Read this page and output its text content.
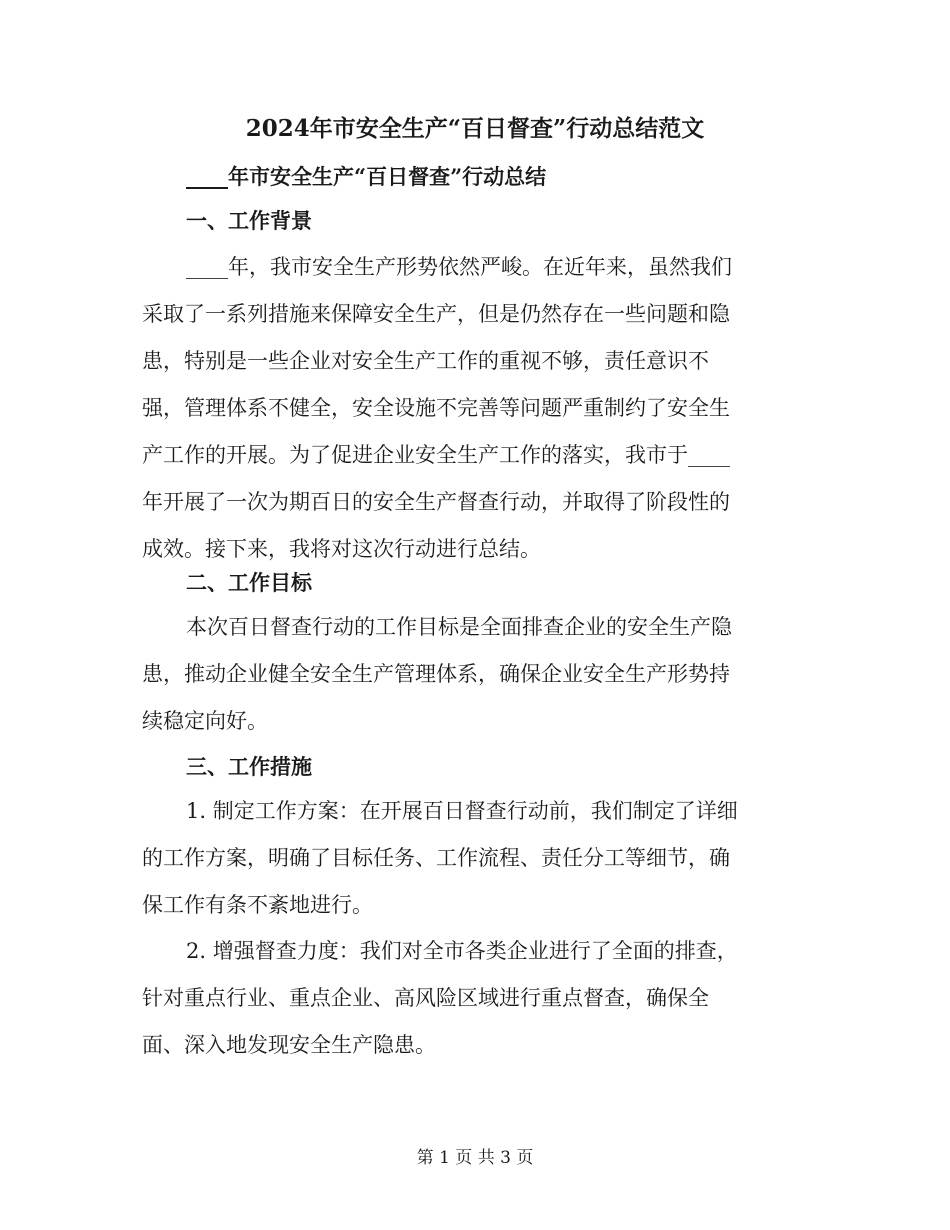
2024年市安全生产“百日督查”行动总结范文
____年市安全生产“百日督查”行动总结
一、工作背景
____年，我市安全生产形势依然严峻。在近年来，虽然我们
采取了一系列措施来保障安全生产，但是仍然存在一些问题和隐
患，特别是一些企业对安全生产工作的重视不够，责任意识不
强，管理体系不健全，安全设施不完善等问题严重制约了安全生
产工作的开展。为了促进企业安全生产工作的落实，我市于____
年开展了一次为期百日的安全生产督查行动，并取得了阶段性的
成效。接下来，我将对这次行动进行总结。
二、工作目标
本次百日督查行动的工作目标是全面排查企业的安全生产隐
患，推动企业健全安全生产管理体系，确保企业安全生产形势持
续稳定向好。
三、工作措施
1. 制定工作方案：在开展百日督查行动前，我们制定了详细
的工作方案，明确了目标任务、工作流程、责任分工等细节，确
保工作有条不紊地进行。
2. 增强督查力度：我们对全市各类企业进行了全面的排查，
针对重点行业、重点企业、高风险区域进行重点督查，确保全
面、深入地发现安全生产隐患。
第 1 页 共 3 页
